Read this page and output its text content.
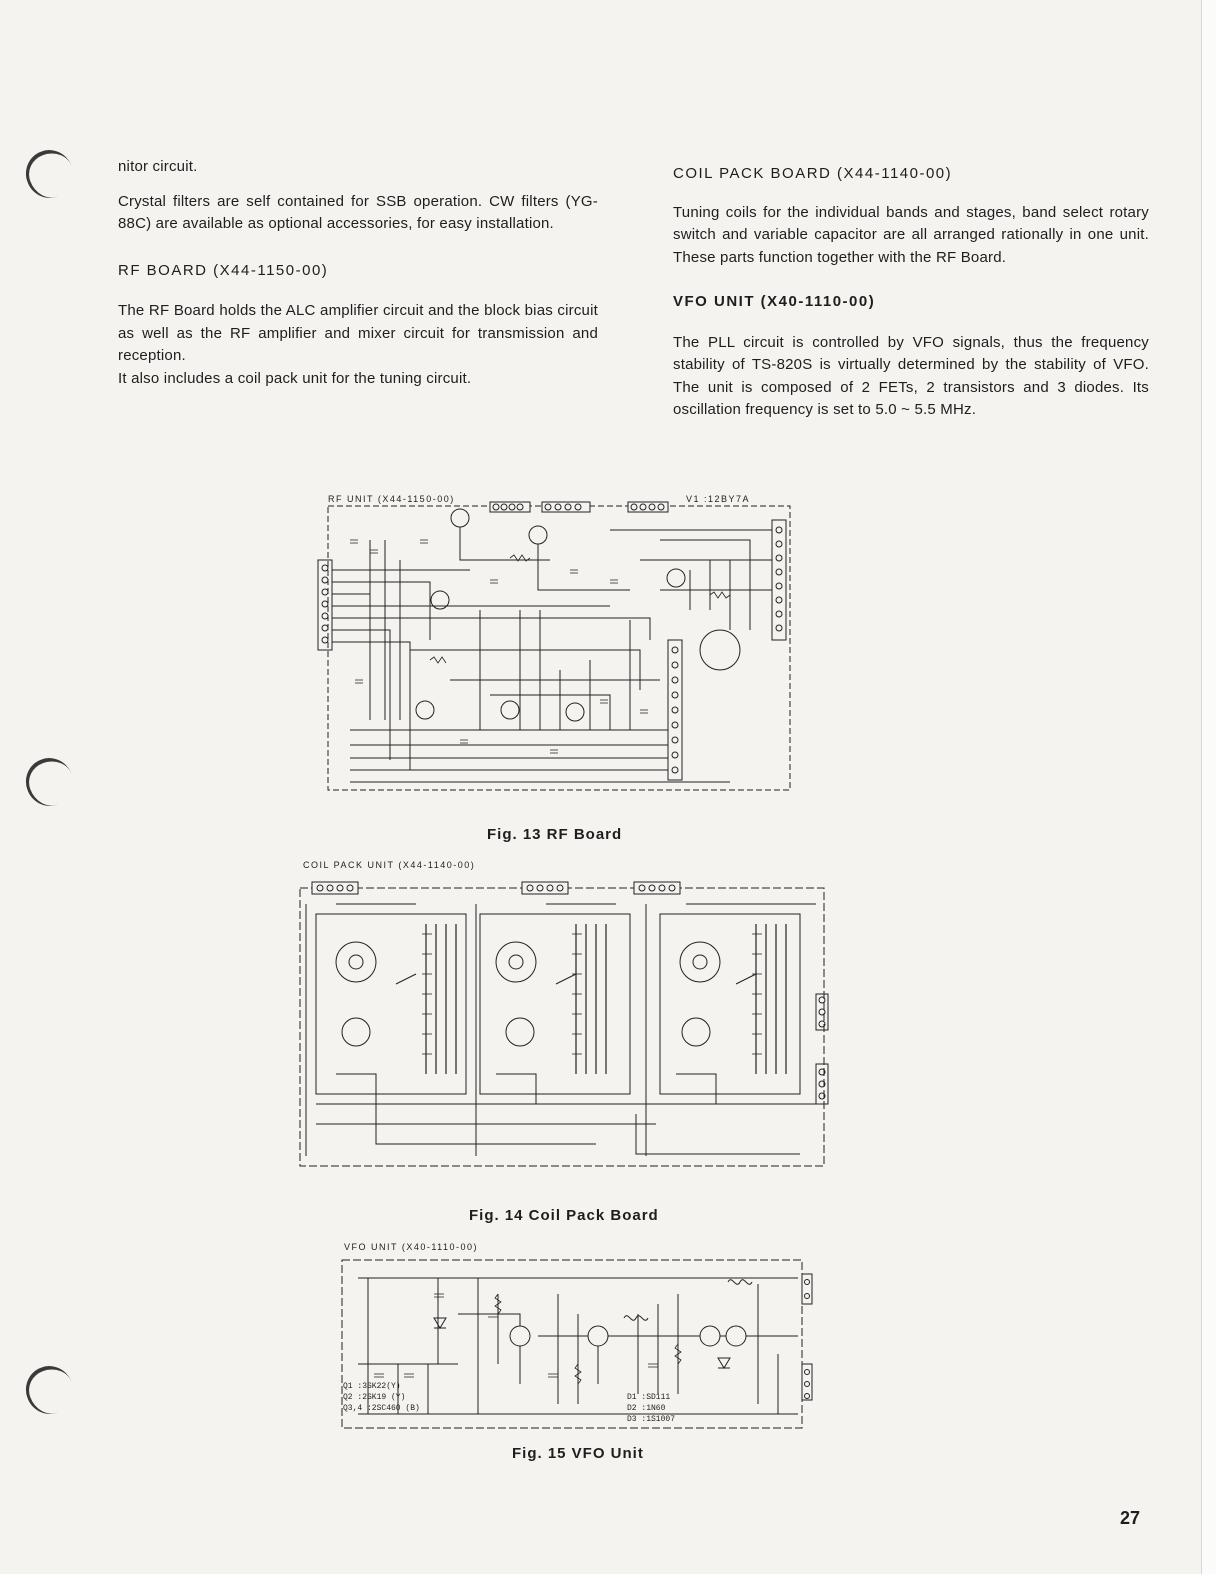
nitor circuit.

Crystal filters are self contained for SSB operation. CW filters (YG-88C) are available as optional accessories, for easy installation.

RF BOARD (X44-1150-00)

The RF Board holds the ALC amplifier circuit and the block bias circuit as well as the RF amplifier and mixer circuit for transmission and reception.

It also includes a coil pack unit for the tuning circuit.

COIL PACK BOARD (X44-1140-00)

Tuning coils for the individual bands and stages, band select rotary switch and variable capacitor are all arranged rationally in one unit. These parts function together with the RF Board.

VFO UNIT (X40-1110-00)

The PLL circuit is controlled by VFO signals, thus the frequency stability of TS-820S is virtually determined by the stability of VFO. The unit is composed of 2 FETs, 2 transistors and 3 diodes. Its oscillation frequency is set to 5.0 ~ 5.5 MHz.

RF UNIT (X44-1150-00)	V1 :12BY7A
Fig. 13 RF Board
COIL PACK UNIT (X44-1140-00)
Fig. 14 Coil Pack Board
VFO UNIT (X40-1110-00)
Q1 :3SK22(Y)
Q2 :2SK19 (Y)
Q3,4 :2SC460 (B)
D1 :SD111
D2 :1N60
D3 :1S1007
Fig. 15 VFO Unit
27
